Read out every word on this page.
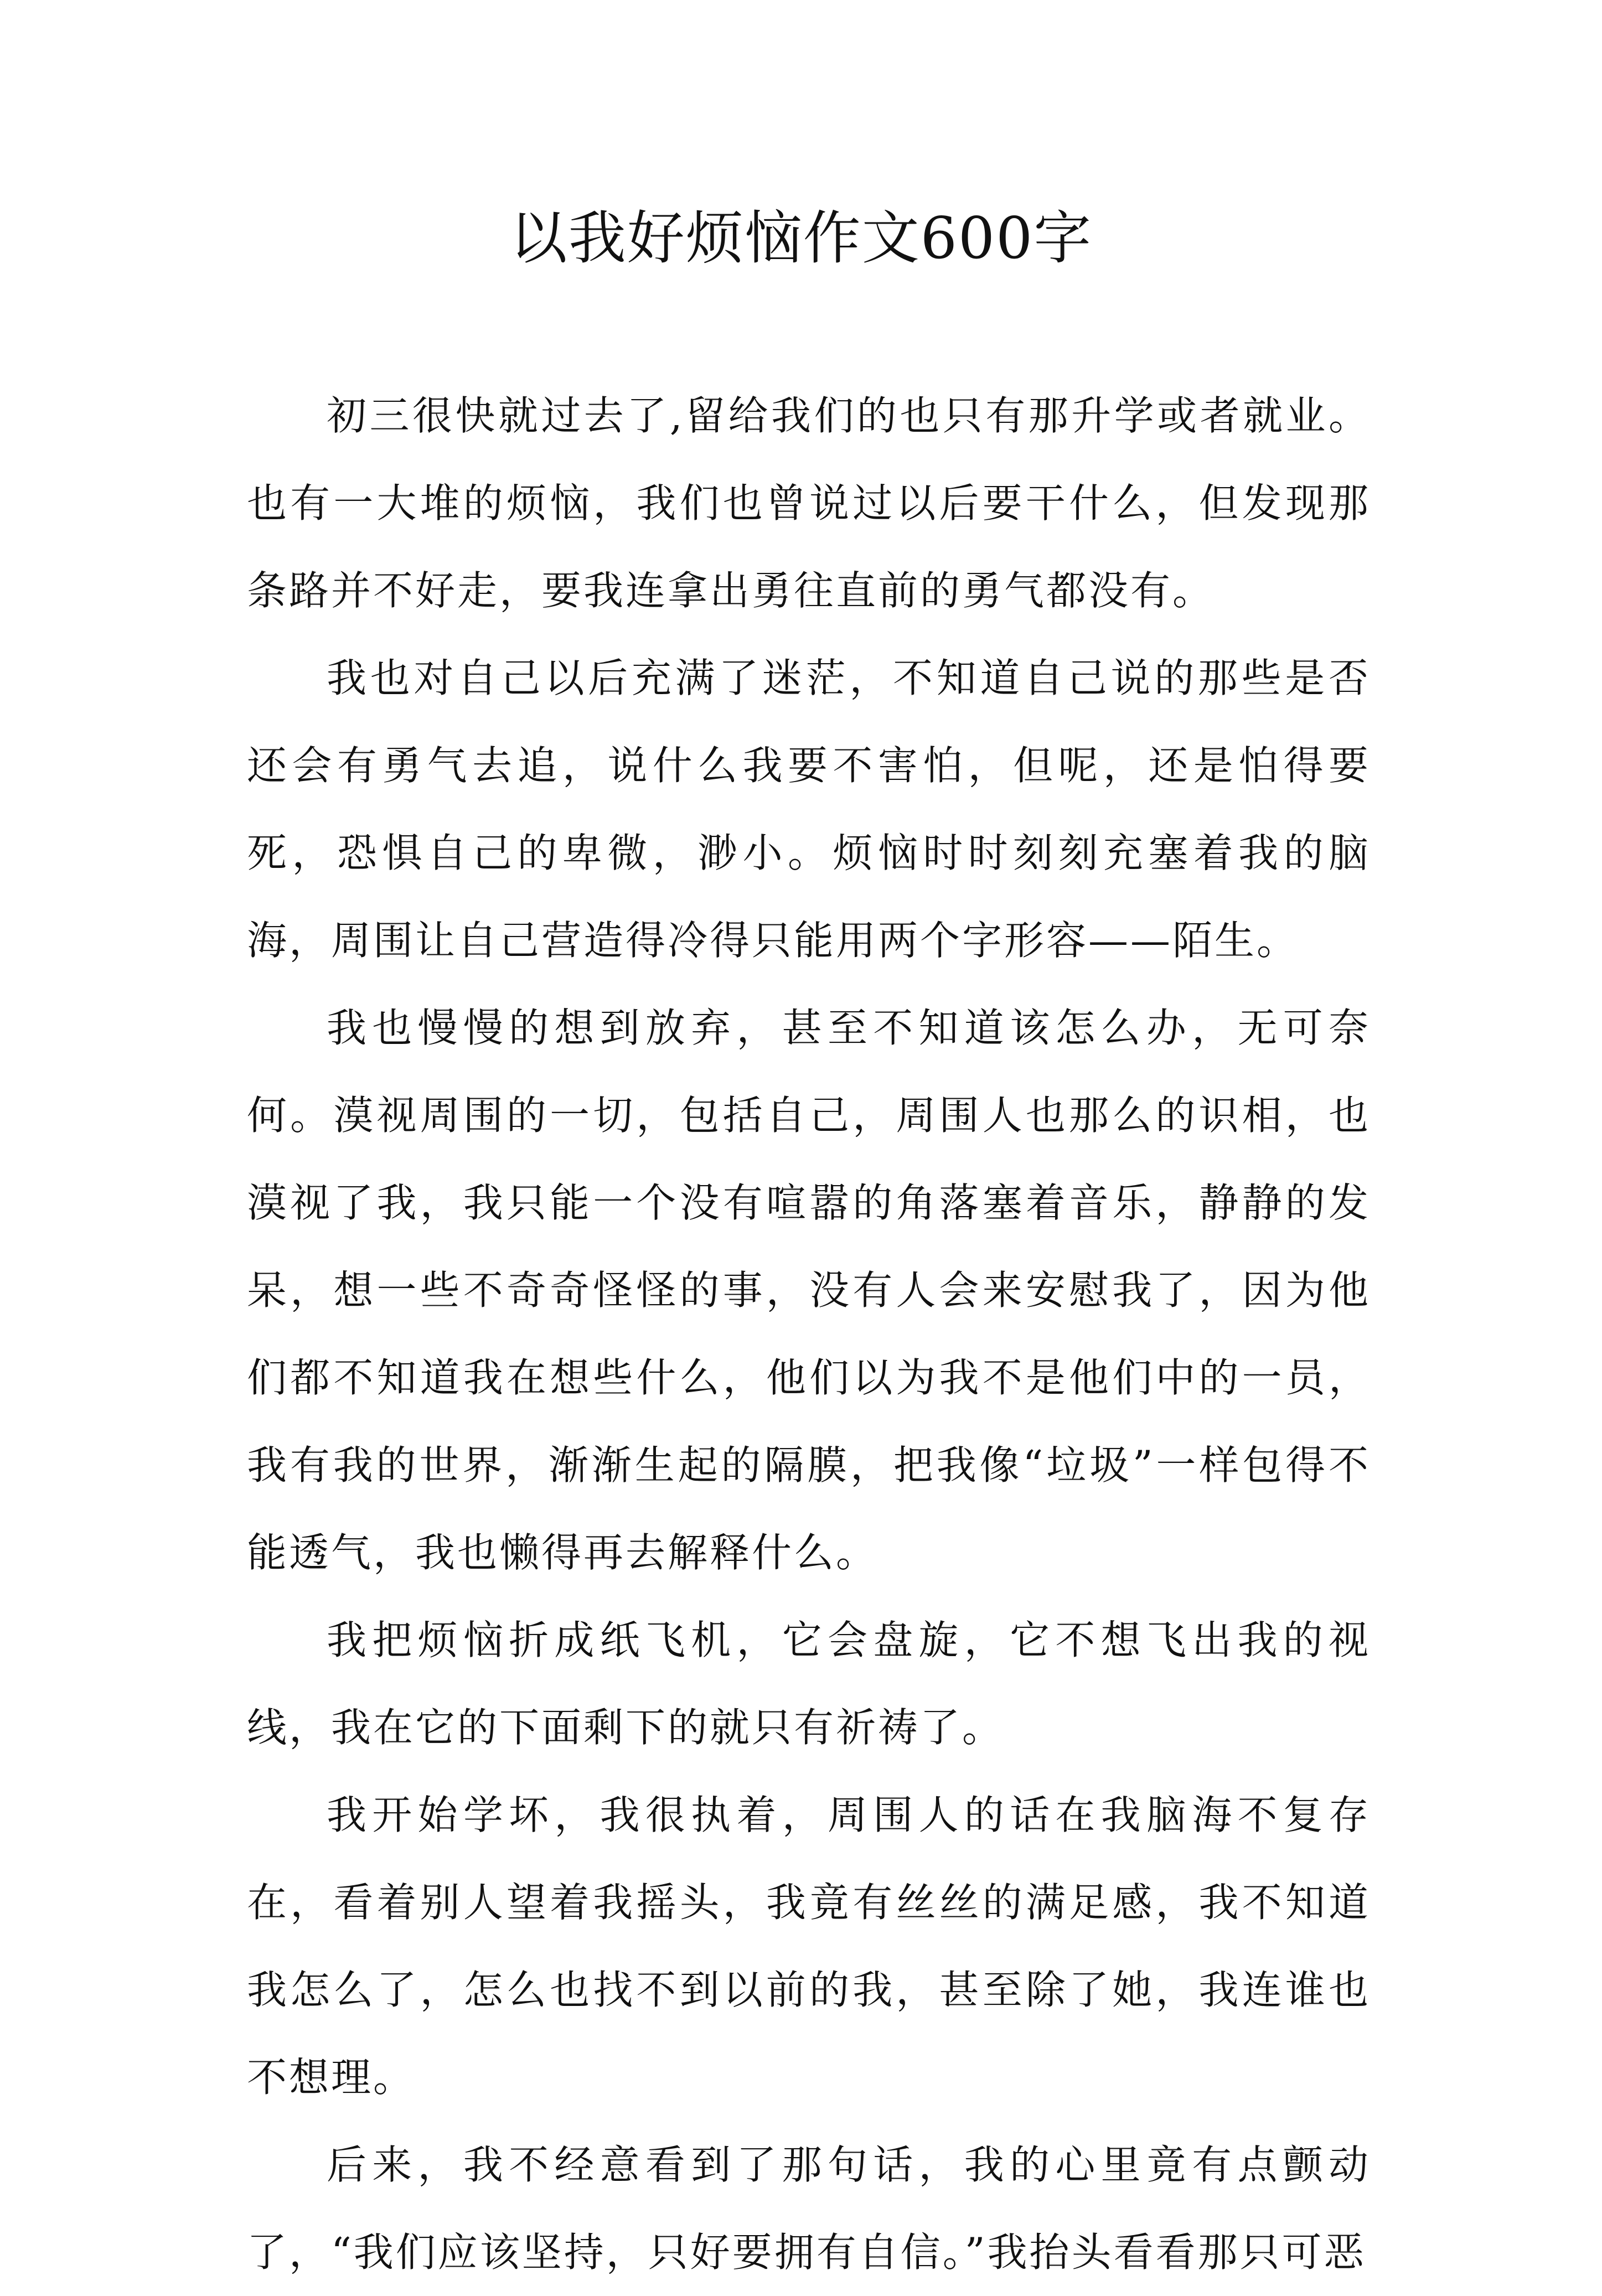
以我好烦恼作文600字

初三很快就过去了,留给我们的也只有那升学或者就业。也有一大堆的烦恼，我们也曾说过以后要干什么，但发现那条路并不好走，要我连拿出勇往直前的勇气都没有。

我也对自己以后充满了迷茫，不知道自己说的那些是否还会有勇气去追，说什么我要不害怕，但呢，还是怕得要死，恐惧自己的卑微，渺小。烦恼时时刻刻充塞着我的脑海，周围让自己营造得冷得只能用两个字形容——陌生。

我也慢慢的想到放弃，甚至不知道该怎么办，无可奈何。漠视周围的一切，包括自己，周围人也那么的识相，也漠视了我，我只能一个没有喧嚣的角落塞着音乐，静静的发呆，想一些不奇奇怪怪的事，没有人会来安慰我了，因为他们都不知道我在想些什么，他们以为我不是他们中的一员，我有我的世界，渐渐生起的隔膜，把我像“垃圾”一样包得不能透气，我也懒得再去解释什么。

我把烦恼折成纸飞机，它会盘旋，它不想飞出我的视线，我在它的下面剩下的就只有祈祷了。

我开始学坏，我很执着，周围人的话在我脑海不复存在，看着别人望着我摇头，我竟有丝丝的满足感，我不知道我怎么了，怎么也找不到以前的我，甚至除了她，我连谁也不想理。

后来，我不经意看到了那句话，我的心里竟有点颤动了，“我们应该坚持，只好要拥有自信。”我抬头看看那只可恶
